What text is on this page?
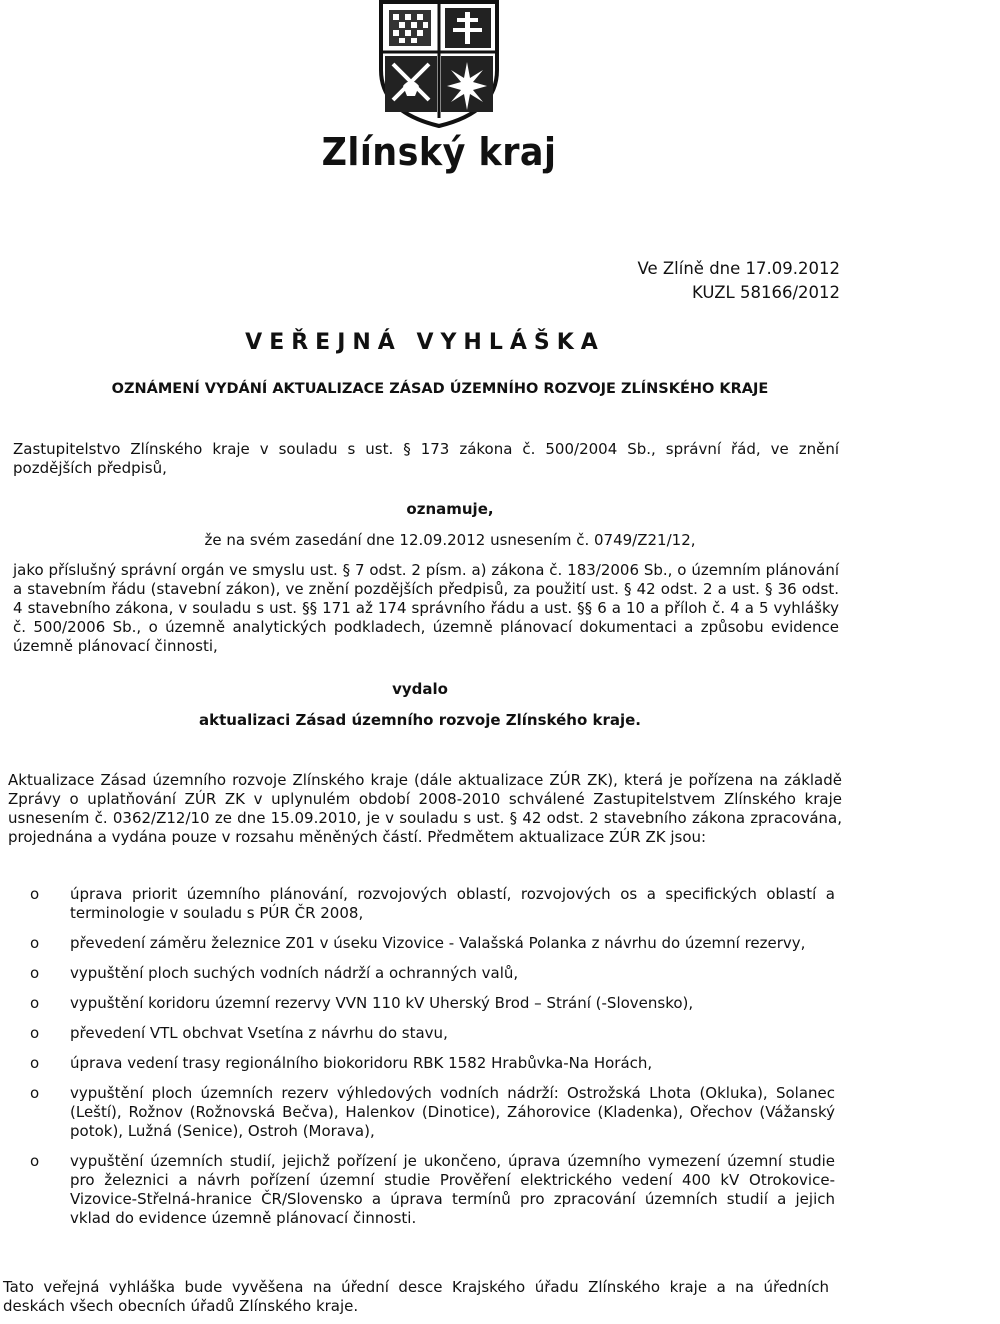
Zlínský kraj
Ve Zlíně dne 17.09.2012
KUZL 58166/2012
VEŘEJNÁ VYHLÁŠKA
OZNÁMENÍ VYDÁNÍ AKTUALIZACE ZÁSAD ÚZEMNÍHO ROZVOJE ZLÍNSKÉHO KRAJE
Zastupitelstvo Zlínského kraje v souladu s ust. § 173 zákona č. 500/2004 Sb., správní řád, ve znění pozdějších předpisů,
oznamuje,
že na svém zasedání dne 12.09.2012 usnesením č. 0749/Z21/12,
jako příslušný správní orgán ve smyslu ust. § 7 odst. 2 písm. a) zákona č. 183/2006 Sb., o územním plánování a stavebním řádu (stavební zákon), ve znění pozdějších předpisů, za použití ust. § 42 odst. 2 a ust. § 36 odst. 4 stavebního zákona, v souladu s ust. §§ 171 až 174 správního řádu a ust. §§ 6 a 10 a příloh č. 4 a 5 vyhlášky č. 500/2006 Sb., o územně analytických podkladech, územně plánovací dokumentaci a způsobu evidence územně plánovací činnosti,
vydalo
aktualizaci Zásad územního rozvoje Zlínského kraje.
Aktualizace Zásad územního rozvoje Zlínského kraje (dále aktualizace ZÚR ZK), která je pořízena na základě Zprávy o uplatňování ZÚR ZK v uplynulém období 2008-2010 schválené Zastupitelstvem Zlínského kraje usnesením č. 0362/Z12/10 ze dne 15.09.2010, je v souladu s ust. § 42 odst. 2 stavebního zákona zpracována, projednána a vydána pouze v rozsahu měněných částí. Předmětem aktualizace ZÚR ZK jsou:
o úprava priorit územního plánování, rozvojových oblastí, rozvojových os a specifických oblastí a terminologie v souladu s PÚR ČR 2008,
o převedení záměru železnice Z01 v úseku Vizovice - Valašská Polanka z návrhu do územní rezervy,
o vypuštění ploch suchých vodních nádrží a ochranných valů,
o vypuštění koridoru územní rezervy VVN 110 kV Uherský Brod – Strání (-Slovensko),
o převedení VTL obchvat Vsetína z návrhu do stavu,
o úprava vedení trasy regionálního biokoridoru RBK 1582 Hrabůvka-Na Horách,
o vypuštění ploch územních rezerv výhledových vodních nádrží: Ostrožská Lhota (Okluka), Solanec (Leští), Rožnov (Rožnovská Bečva), Halenkov (Dinotice), Záhorovice (Kladenka), Ořechov (Vážanský potok), Lužná (Senice), Ostroh (Morava),
o vypuštění územních studií, jejichž pořízení je ukončeno, úprava územního vymezení územní studie pro železnici a návrh pořízení územní studie Prověření elektrického vedení 400 kV Otrokovice-Vizovice-Střelná-hranice ČR/Slovensko a úprava termínů pro zpracování územních studií a jejich vklad do evidence územně plánovací činnosti.
Tato veřejná vyhláška bude vyvěšena na úřední desce Krajského úřadu Zlínského kraje a na úředních deskách všech obecních úřadů Zlínského kraje.
